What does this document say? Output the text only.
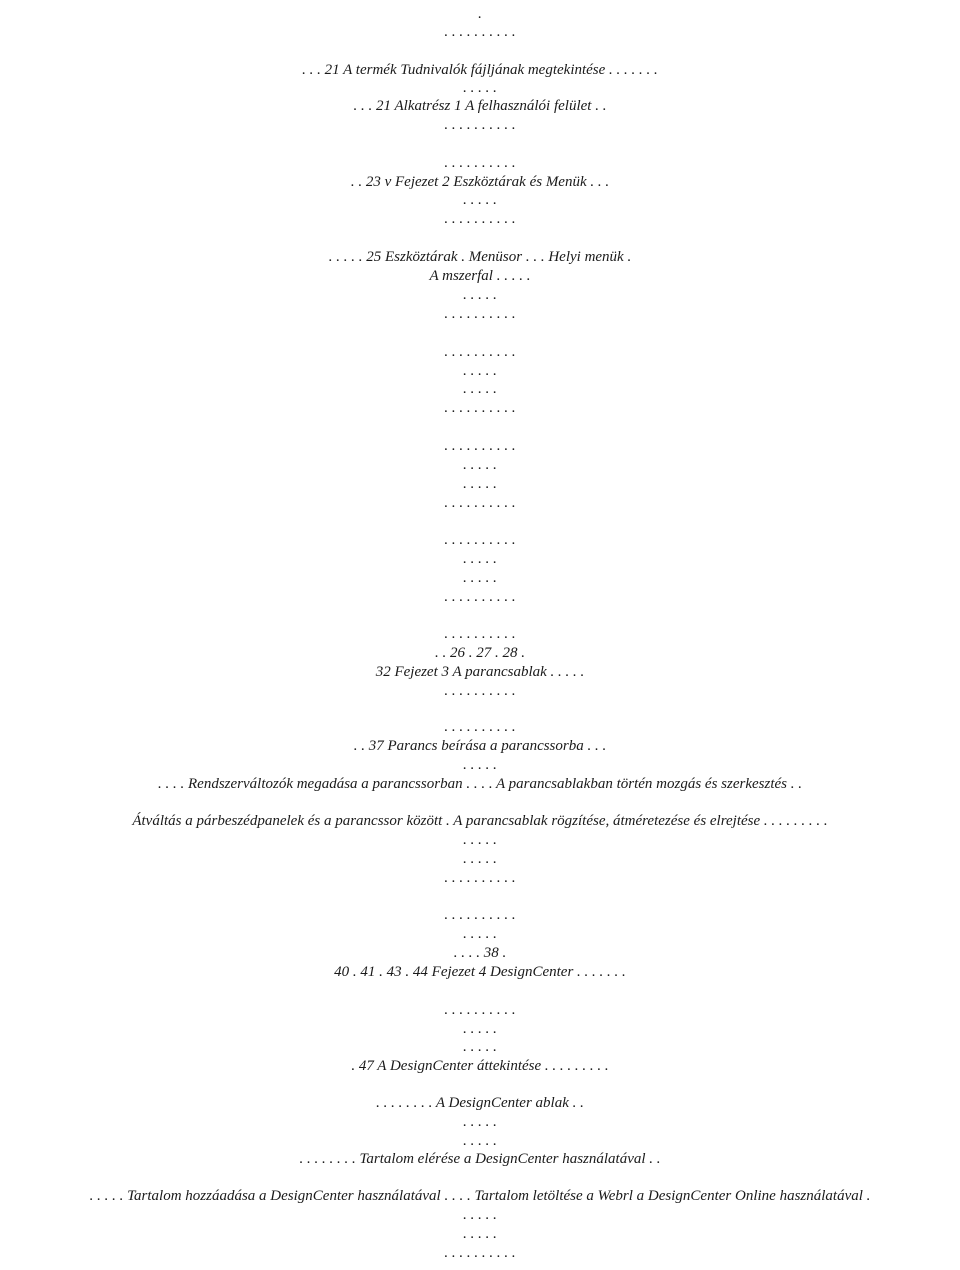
.
. . . . . . . . . .
. . . 21 A termék Tudnivalók fájljának megtekintése . . . . . . .
. . . . .
. . . 21 Alkatrész 1 A felhasználói felület . .
. . . . . . . . . .
. . . . . . . . . .
. . 23 v Fejezet 2 Eszköztárak és Menük . . .
. . . . .
. . . . . . . . . .
. . . . . 25 Eszköztárak . Menüsor . . . Helyi menük .
A mszerfal . . . . .
. . . . .
. . . . . . . . . .
. . . . . . . . . .
. . . . .
. . . . .
. . . . . . . . . .
. . . . . . . . . .
. . . . .
. . . . .
. . . . . . . . . .
. . . . . . . . . .
. . . . .
. . . . .
. . . . . . . . . .
. . . . . . . . . .
. . 26 . 27 . 28 .
32 Fejezet 3 A parancsablak . . . . .
. . . . . . . . . .
. . . . . . . . . .
. . 37 Parancs beírása a parancssorba . . .
. . . . .
. . . . Rendszerváltozók megadása a parancssorban . . . . A parancsablakban történ mozgás és szerkesztés . .
Átváltás a párbeszédpanelek és a parancssor között . A parancsablak rögzítése, átméretezése és elrejtése . . . . . . . . .
. . . . .
. . . . .
. . . . . . . . . .
. . . . . . . . . .
. . . . .
. . . . 38 .
40 . 41 . 43 . 44 Fejezet 4 DesignCenter . . . . . . .
. . . . . . . . . .
. . . . .
. . . . .
. 47 A DesignCenter áttekintése . . . . . . . . .
. . . . . . . . A DesignCenter ablak . .
. . . . .
. . . . .
. . . . . . . . Tartalom elérése a DesignCenter használatával . .
. . . . . Tartalom hozzáadása a DesignCenter használatával . . . . Tartalom letöltése a Webrl a DesignCenter Online használatával .
. . . . .
. . . . .
. . . . . . . . . .
